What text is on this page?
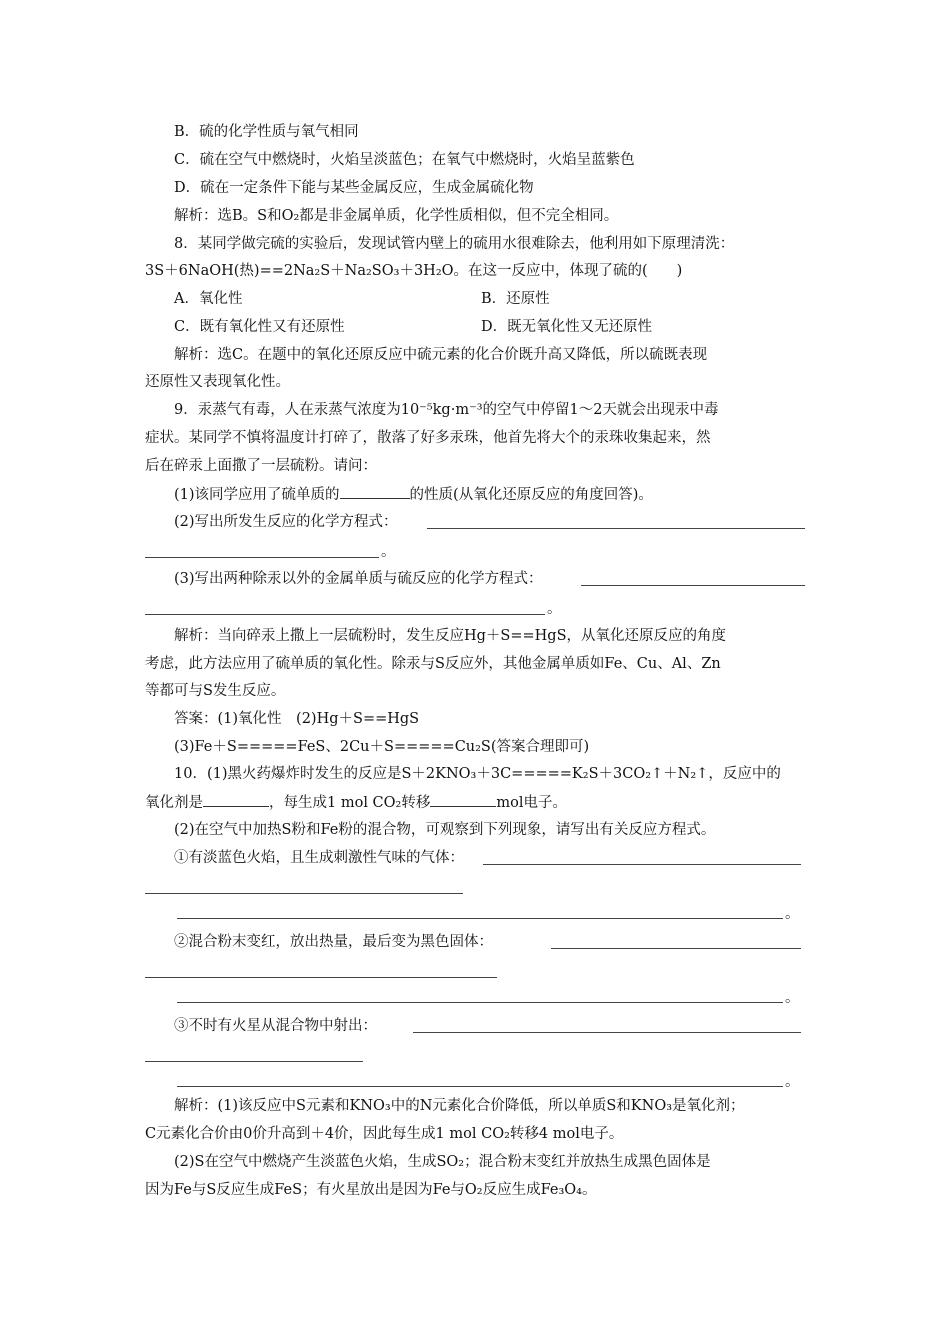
B．硫的化学性质与氧气相同
C．硫在空气中燃烧时，火焰呈淡蓝色；在氧气中燃烧时，火焰呈蓝紫色
D．硫在一定条件下能与某些金属反应，生成金属硫化物
解析：选B。S和O₂都是非金属单质，化学性质相似，但不完全相同。
8．某同学做完硫的实验后，发现试管内壁上的硫用水很难除去，他利用如下原理清洗：
3S＋6NaOH(热)==2Na₂S＋Na₂SO₃＋3H₂O。在这一反应中，体现了硫的(　　)
A．氧化性	B．还原性
C．既有氧化性又有还原性	D．既无氧化性又无还原性
解析：选C。在题中的氧化还原反应中硫元素的化合价既升高又降低，所以硫既表现
还原性又表现氧化性。
9．汞蒸气有毒，人在汞蒸气浓度为10⁻⁵kg·m⁻³的空气中停留1～2天就会出现汞中毒
症状。某同学不慎将温度计打碎了，散落了好多汞珠，他首先将大个的汞珠收集起来，然
后在碎汞上面撒了一层硫粉。请问：
(1)该同学应用了硫单质的	的性质(从氧化还原反应的角度回答)。
(2)写出所发生反应的化学方程式：
。
(3)写出两种除汞以外的金属单质与硫反应的化学方程式：
。
解析：当向碎汞上撒上一层硫粉时，发生反应Hg＋S==HgS，从氧化还原反应的角度
考虑，此方法应用了硫单质的氧化性。除汞与S反应外，其他金属单质如Fe、Cu、Al、Zn
等都可与S发生反应。
答案：(1)氧化性　(2)Hg＋S==HgS
(3)Fe＋S=====FeS、2Cu＋S=====Cu₂S(答案合理即可)
10．(1)黑火药爆炸时发生的反应是S＋2KNO₃＋3C=====K₂S＋3CO₂↑＋N₂↑，反应中的
氧化剂是	，每生成1 mol CO₂转移	mol电子。
(2)在空气中加热S粉和Fe粉的混合物，可观察到下列现象，请写出有关反应方程式。
①有淡蓝色火焰，且生成刺激性气味的气体：
。
②混合粉末变红，放出热量，最后变为黑色固体：
。
③不时有火星从混合物中射出：
。
解析：(1)该反应中S元素和KNO₃中的N元素化合价降低，所以单质S和KNO₃是氧化剂；
C元素化合价由0价升高到＋4价，因此每生成1 mol CO₂转移4 mol电子。
(2)S在空气中燃烧产生淡蓝色火焰，生成SO₂；混合粉末变红并放热生成黑色固体是
因为Fe与S反应生成FeS；有火星放出是因为Fe与O₂反应生成Fe₃O₄。
